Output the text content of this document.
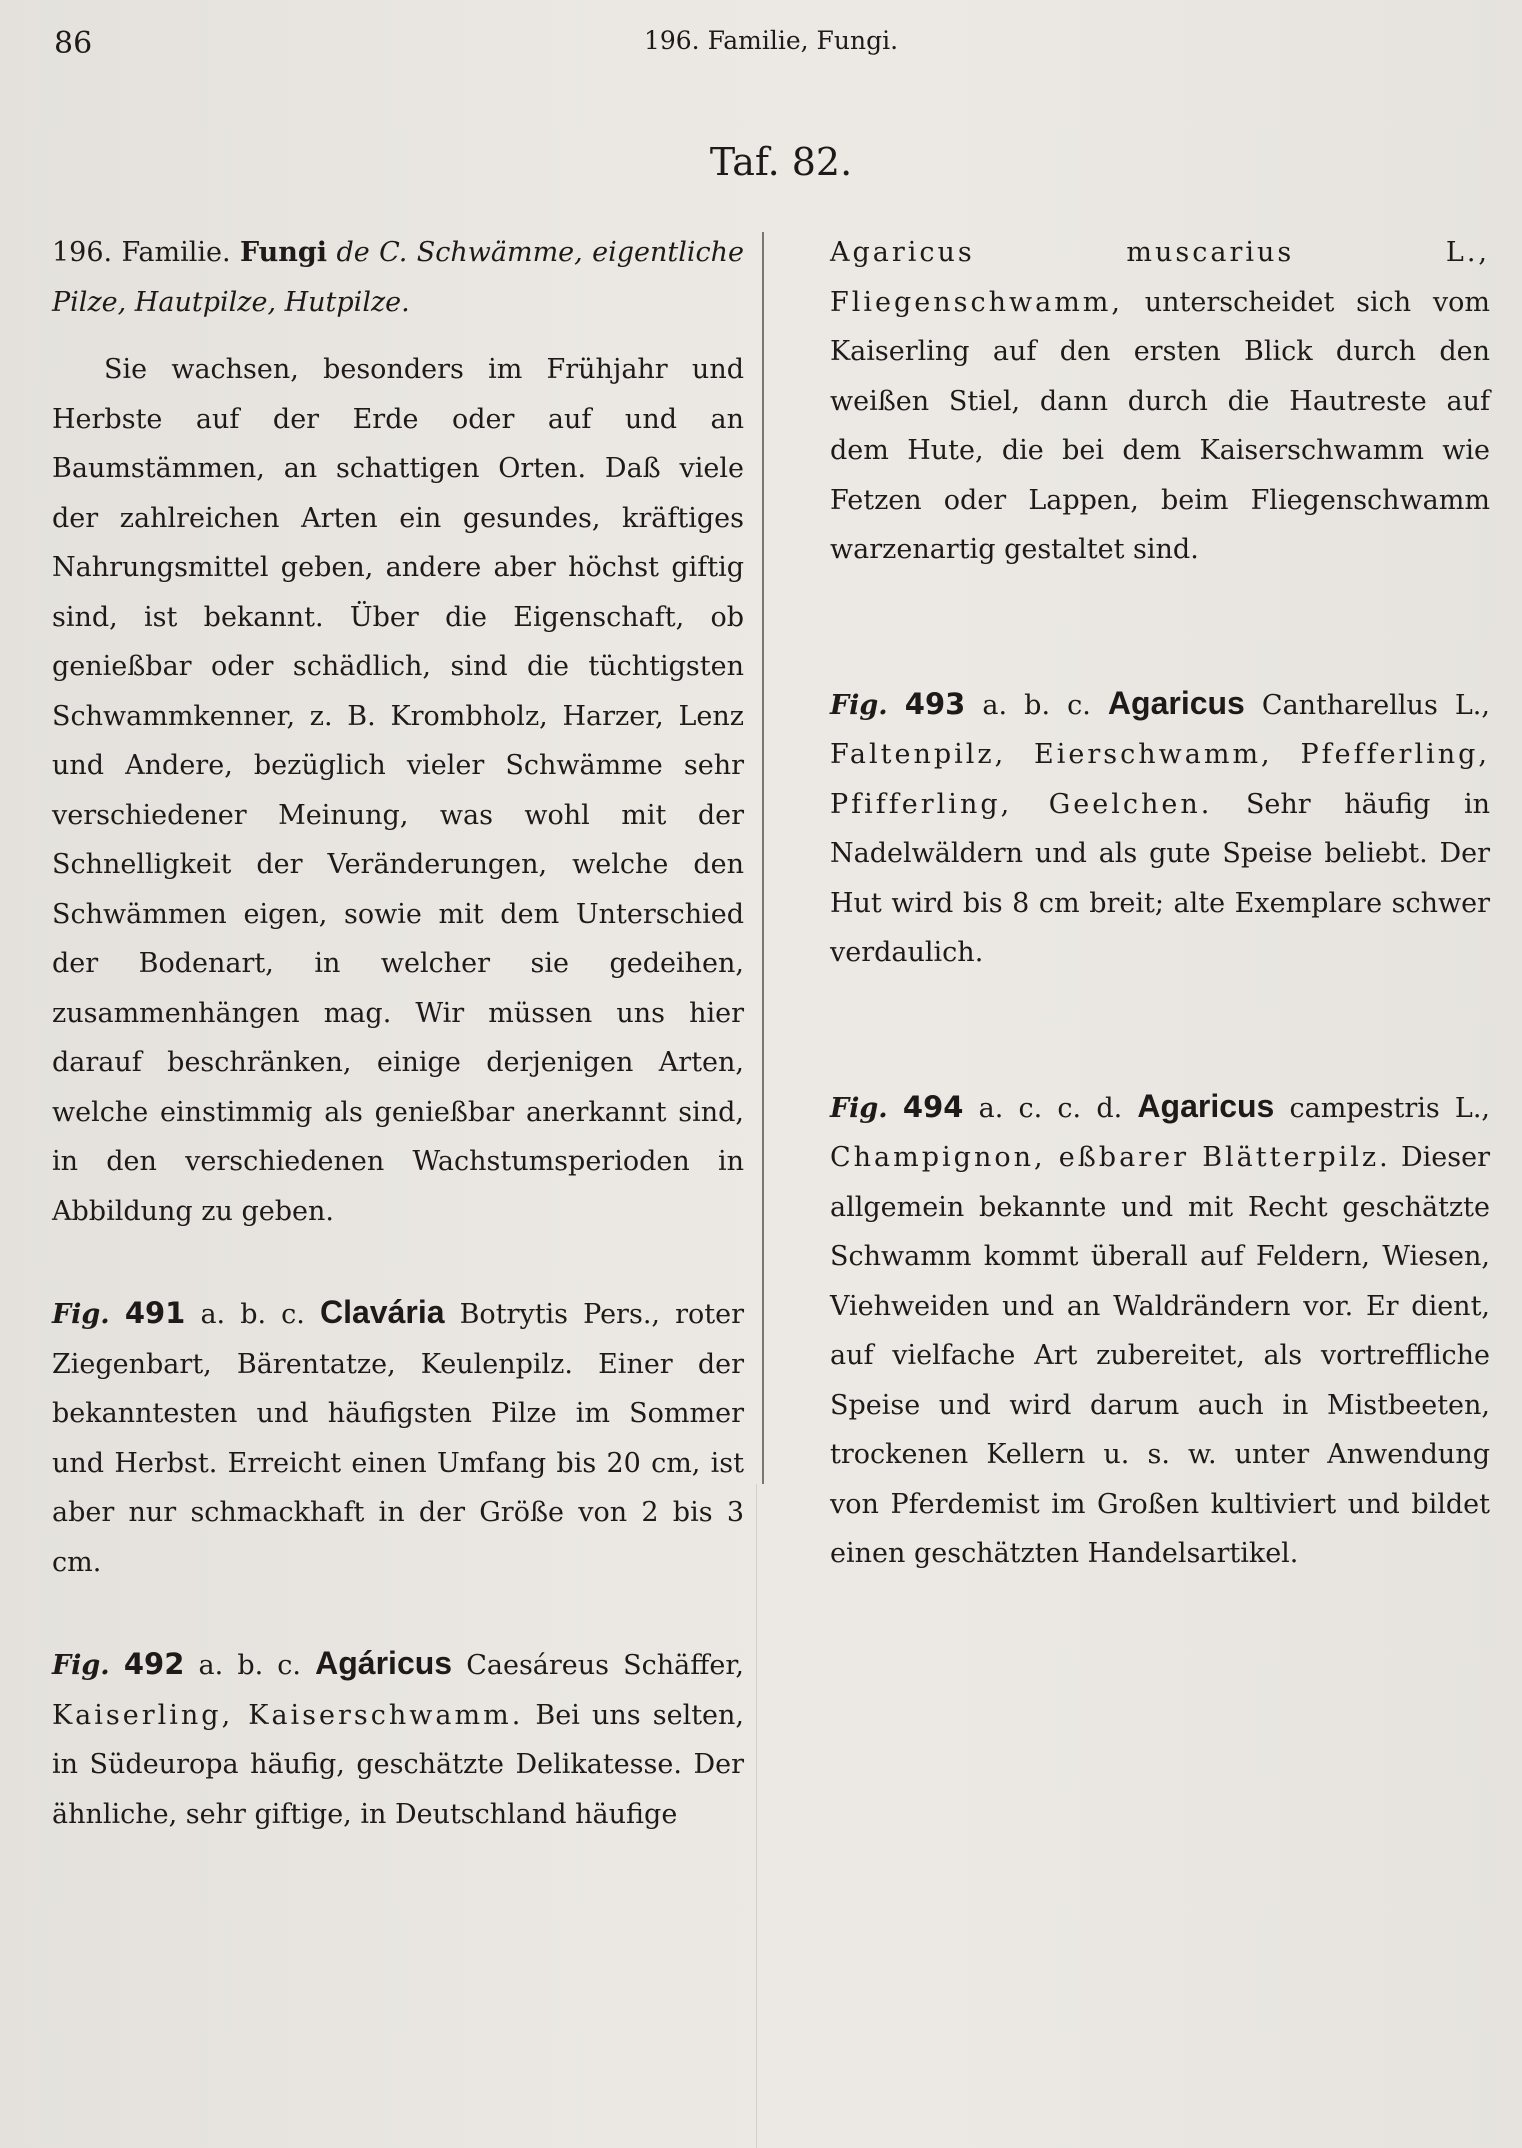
86	196. Familie, Fungi.
Taf. 82.

196. Familie. Fungi de C. Schwämme, eigentliche Pilze, Hautpilze, Hutpilze.

Sie wachsen, besonders im Frühjahr und Herbste auf der Erde oder auf und an Baumstämmen, an schattigen Orten. Daß viele der zahlreichen Arten ein gesundes, kräftiges Nahrungsmittel geben, andere aber höchst giftig sind, ist bekannt. Über die Eigenschaft, ob genießbar oder schädlich, sind die tüchtigsten Schwammkenner, z. B. Krombholz, Harzer, Lenz und Andere, bezüglich vieler Schwämme sehr verschiedener Meinung, was wohl mit der Schnelligkeit der Veränderungen, welche den Schwämmen eigen, sowie mit dem Unterschied der Bodenart, in welcher sie gedeihen, zusammenhängen mag. Wir müssen uns hier darauf beschränken, einige derjenigen Arten, welche einstimmig als genießbar anerkannt sind, in den verschiedenen Wachstumsperioden in Abbildung zu geben.

Fig. 491 a. b. c. Clavária Botrytis Pers., roter Ziegenbart, Bärentatze, Keulenpilz. Einer der bekanntesten und häufigsten Pilze im Sommer und Herbst. Erreicht einen Umfang bis 20 cm, ist aber nur schmackhaft in der Größe von 2 bis 3 cm.

Fig. 492 a. b. c. Agáricus Caesáreus Schäffer, Kaiserling, Kaiserschwamm. Bei uns selten, in Südeuropa häufig, geschätzte Delikatesse. Der ähnliche, sehr giftige, in Deutschland häufige

Agaricus muscarius L., Fliegenschwamm, unterscheidet sich vom Kaiserling auf den ersten Blick durch den weißen Stiel, dann durch die Hautreste auf dem Hute, die bei dem Kaiserschwamm wie Fetzen oder Lappen, beim Fliegenschwamm warzenartig gestaltet sind.

Fig. 493 a. b. c. Agaricus Cantharellus L., Faltenpilz, Eierschwamm, Pfefferling, Pfifferling, Geelchen. Sehr häufig in Nadelwäldern und als gute Speise beliebt. Der Hut wird bis 8 cm breit; alte Exemplare schwer verdaulich.

Fig. 494 a. c. c. d. Agaricus campestris L., Champignon, eßbarer Blätterpilz. Dieser allgemein bekannte und mit Recht geschätzte Schwamm kommt überall auf Feldern, Wiesen, Viehweiden und an Waldrändern vor. Er dient, auf vielfache Art zubereitet, als vortreffliche Speise und wird darum auch in Mistbeeten, trockenen Kellern u. s. w. unter Anwendung von Pferdemist im Großen kultiviert und bildet einen geschätzten Handelsartikel.
